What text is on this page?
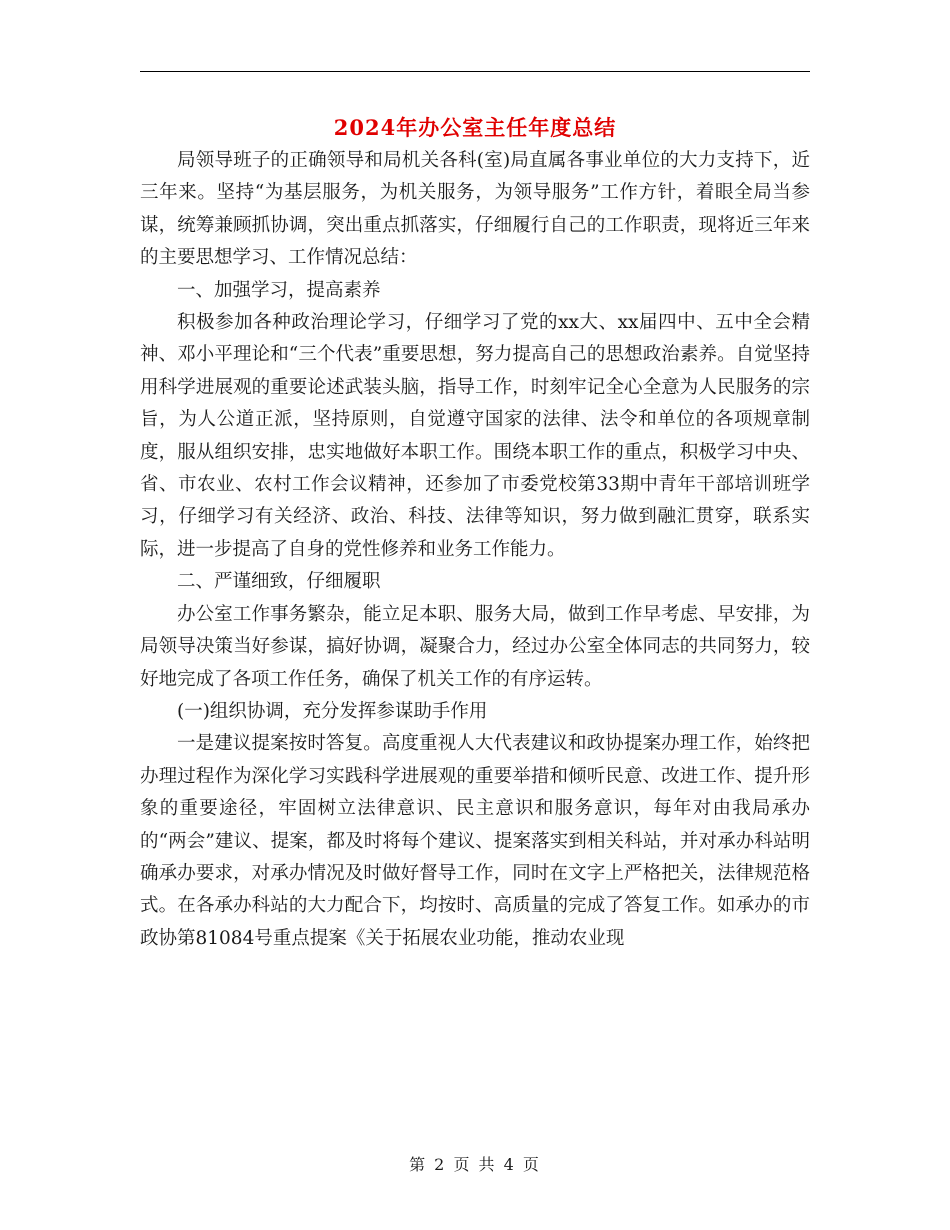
2024年办公室主任年度总结

局领导班子的正确领导和局机关各科(室)局直属各事业单位的大力支持下，近三年来。坚持“为基层服务，为机关服务，为领导服务”工作方针，着眼全局当参谋，统筹兼顾抓协调，突出重点抓落实，仔细履行自己的工作职责，现将近三年来的主要思想学习、工作情况总结：

一、加强学习，提高素养

积极参加各种政治理论学习，仔细学习了党的xx大、xx届四中、五中全会精神、邓小平理论和“三个代表”重要思想，努力提高自己的思想政治素养。自觉坚持用科学进展观的重要论述武装头脑，指导工作，时刻牢记全心全意为人民服务的宗旨，为人公道正派，坚持原则，自觉遵守国家的法律、法令和单位的各项规章制度，服从组织安排，忠实地做好本职工作。围绕本职工作的重点，积极学习中央、省、市农业、农村工作会议精神，还参加了市委党校第33期中青年干部培训班学习，仔细学习有关经济、政治、科技、法律等知识，努力做到融汇贯穿，联系实际，进一步提高了自身的党性修养和业务工作能力。

二、严谨细致，仔细履职

办公室工作事务繁杂，能立足本职、服务大局，做到工作早考虑、早安排，为局领导决策当好参谋，搞好协调，凝聚合力，经过办公室全体同志的共同努力，较好地完成了各项工作任务，确保了机关工作的有序运转。

(一)组织协调，充分发挥参谋助手作用

一是建议提案按时答复。高度重视人大代表建议和政协提案办理工作，始终把办理过程作为深化学习实践科学进展观的重要举措和倾听民意、改进工作、提升形象的重要途径，牢固树立法律意识、民主意识和服务意识，每年对由我局承办的“两会”建议、提案，都及时将每个建议、提案落实到相关科站，并对承办科站明确承办要求，对承办情况及时做好督导工作，同时在文字上严格把关，法律规范格式。在各承办科站的大力配合下，均按时、高质量的完成了答复工作。如承办的市政协第81084号重点提案《关于拓展农业功能，推动农业现

第 2 页 共 4 页
